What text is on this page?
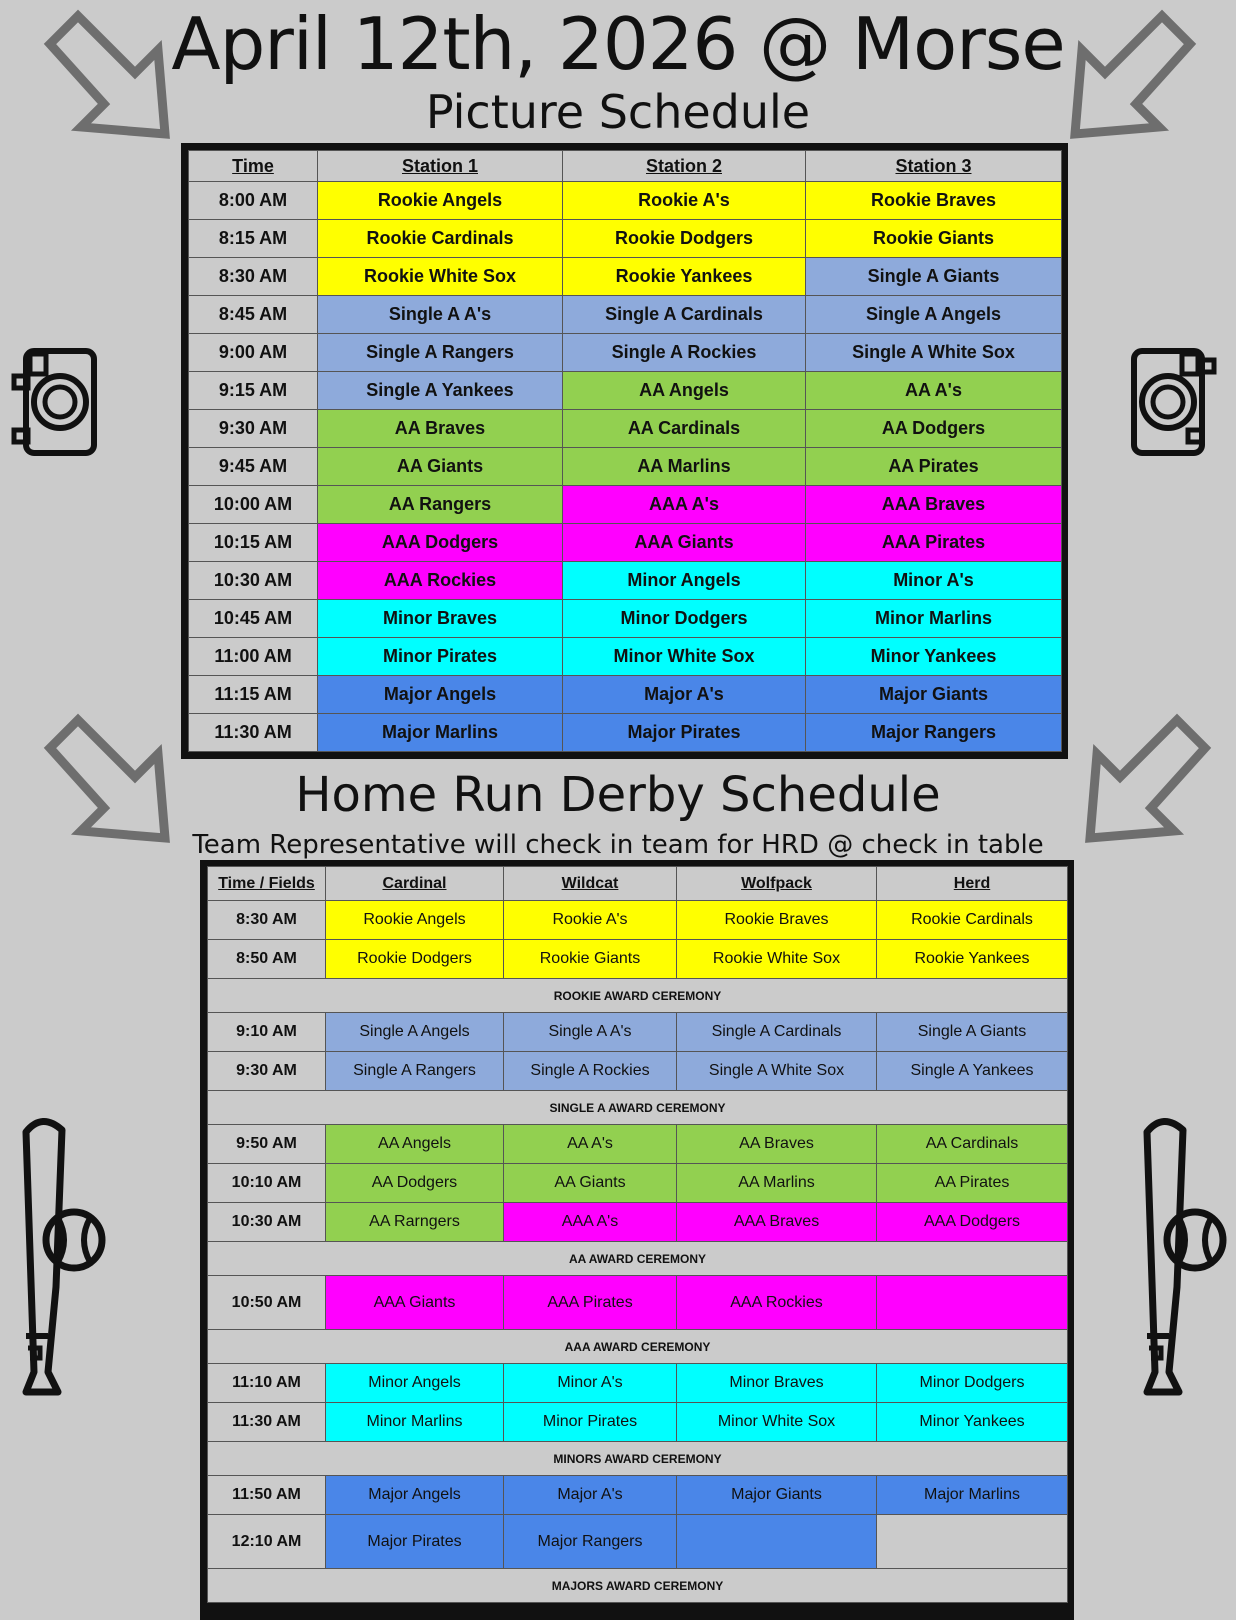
April 12th, 2026 @ Morse
Picture Schedule
Time	Station 1	Station 2	Station 3
8:00 AM	Rookie Angels	Rookie A's	Rookie Braves
8:15 AM	Rookie Cardinals	Rookie Dodgers	Rookie Giants
8:30 AM	Rookie White Sox	Rookie Yankees	Single A Giants
8:45 AM	Single A A's	Single A Cardinals	Single A Angels
9:00 AM	Single A Rangers	Single A Rockies	Single A White Sox
9:15 AM	Single A Yankees	AA Angels	AA A's
9:30 AM	AA Braves	AA Cardinals	AA Dodgers
9:45 AM	AA Giants	AA Marlins	AA Pirates
10:00 AM	AA Rangers	AAA A's	AAA Braves
10:15 AM	AAA Dodgers	AAA Giants	AAA Pirates
10:30 AM	AAA Rockies	Minor Angels	Minor A's
10:45 AM	Minor Braves	Minor Dodgers	Minor Marlins
11:00 AM	Minor Pirates	Minor White Sox	Minor Yankees
11:15 AM	Major Angels	Major A's	Major Giants
11:30 AM	Major Marlins	Major Pirates	Major Rangers
Home Run Derby Schedule
Team Representative will check in team for HRD @ check in table
Time / Fields	Cardinal	Wildcat	Wolfpack	Herd
8:30 AM	Rookie Angels	Rookie A's	Rookie Braves	Rookie Cardinals
8:50 AM	Rookie Dodgers	Rookie Giants	Rookie White Sox	Rookie Yankees
ROOKIE AWARD CEREMONY				
9:10 AM	Single A Angels	Single A A's	Single A Cardinals	Single A Giants
9:30 AM	Single A Rangers	Single A Rockies	Single A White Sox	Single A Yankees
SINGLE A AWARD CEREMONY				
9:50 AM	AA Angels	AA A's	AA Braves	AA Cardinals
10:10 AM	AA Dodgers	AA Giants	AA Marlins	AA Pirates
10:30 AM	AA Rarngers	AAA A's	AAA Braves	AAA Dodgers
AA AWARD CEREMONY				
10:50 AM	AAA Giants	AAA Pirates	AAA Rockies	
AAA AWARD CEREMONY				
11:10 AM	Minor Angels	Minor A's	Minor Braves	Minor Dodgers
11:30 AM	Minor Marlins	Minor Pirates	Minor White Sox	Minor Yankees
MINORS AWARD CEREMONY				
11:50 AM	Major Angels	Major A's	Major Giants	Major Marlins
12:10 AM	Major Pirates	Major Rangers		
MAJORS AWARD CEREMONY				
